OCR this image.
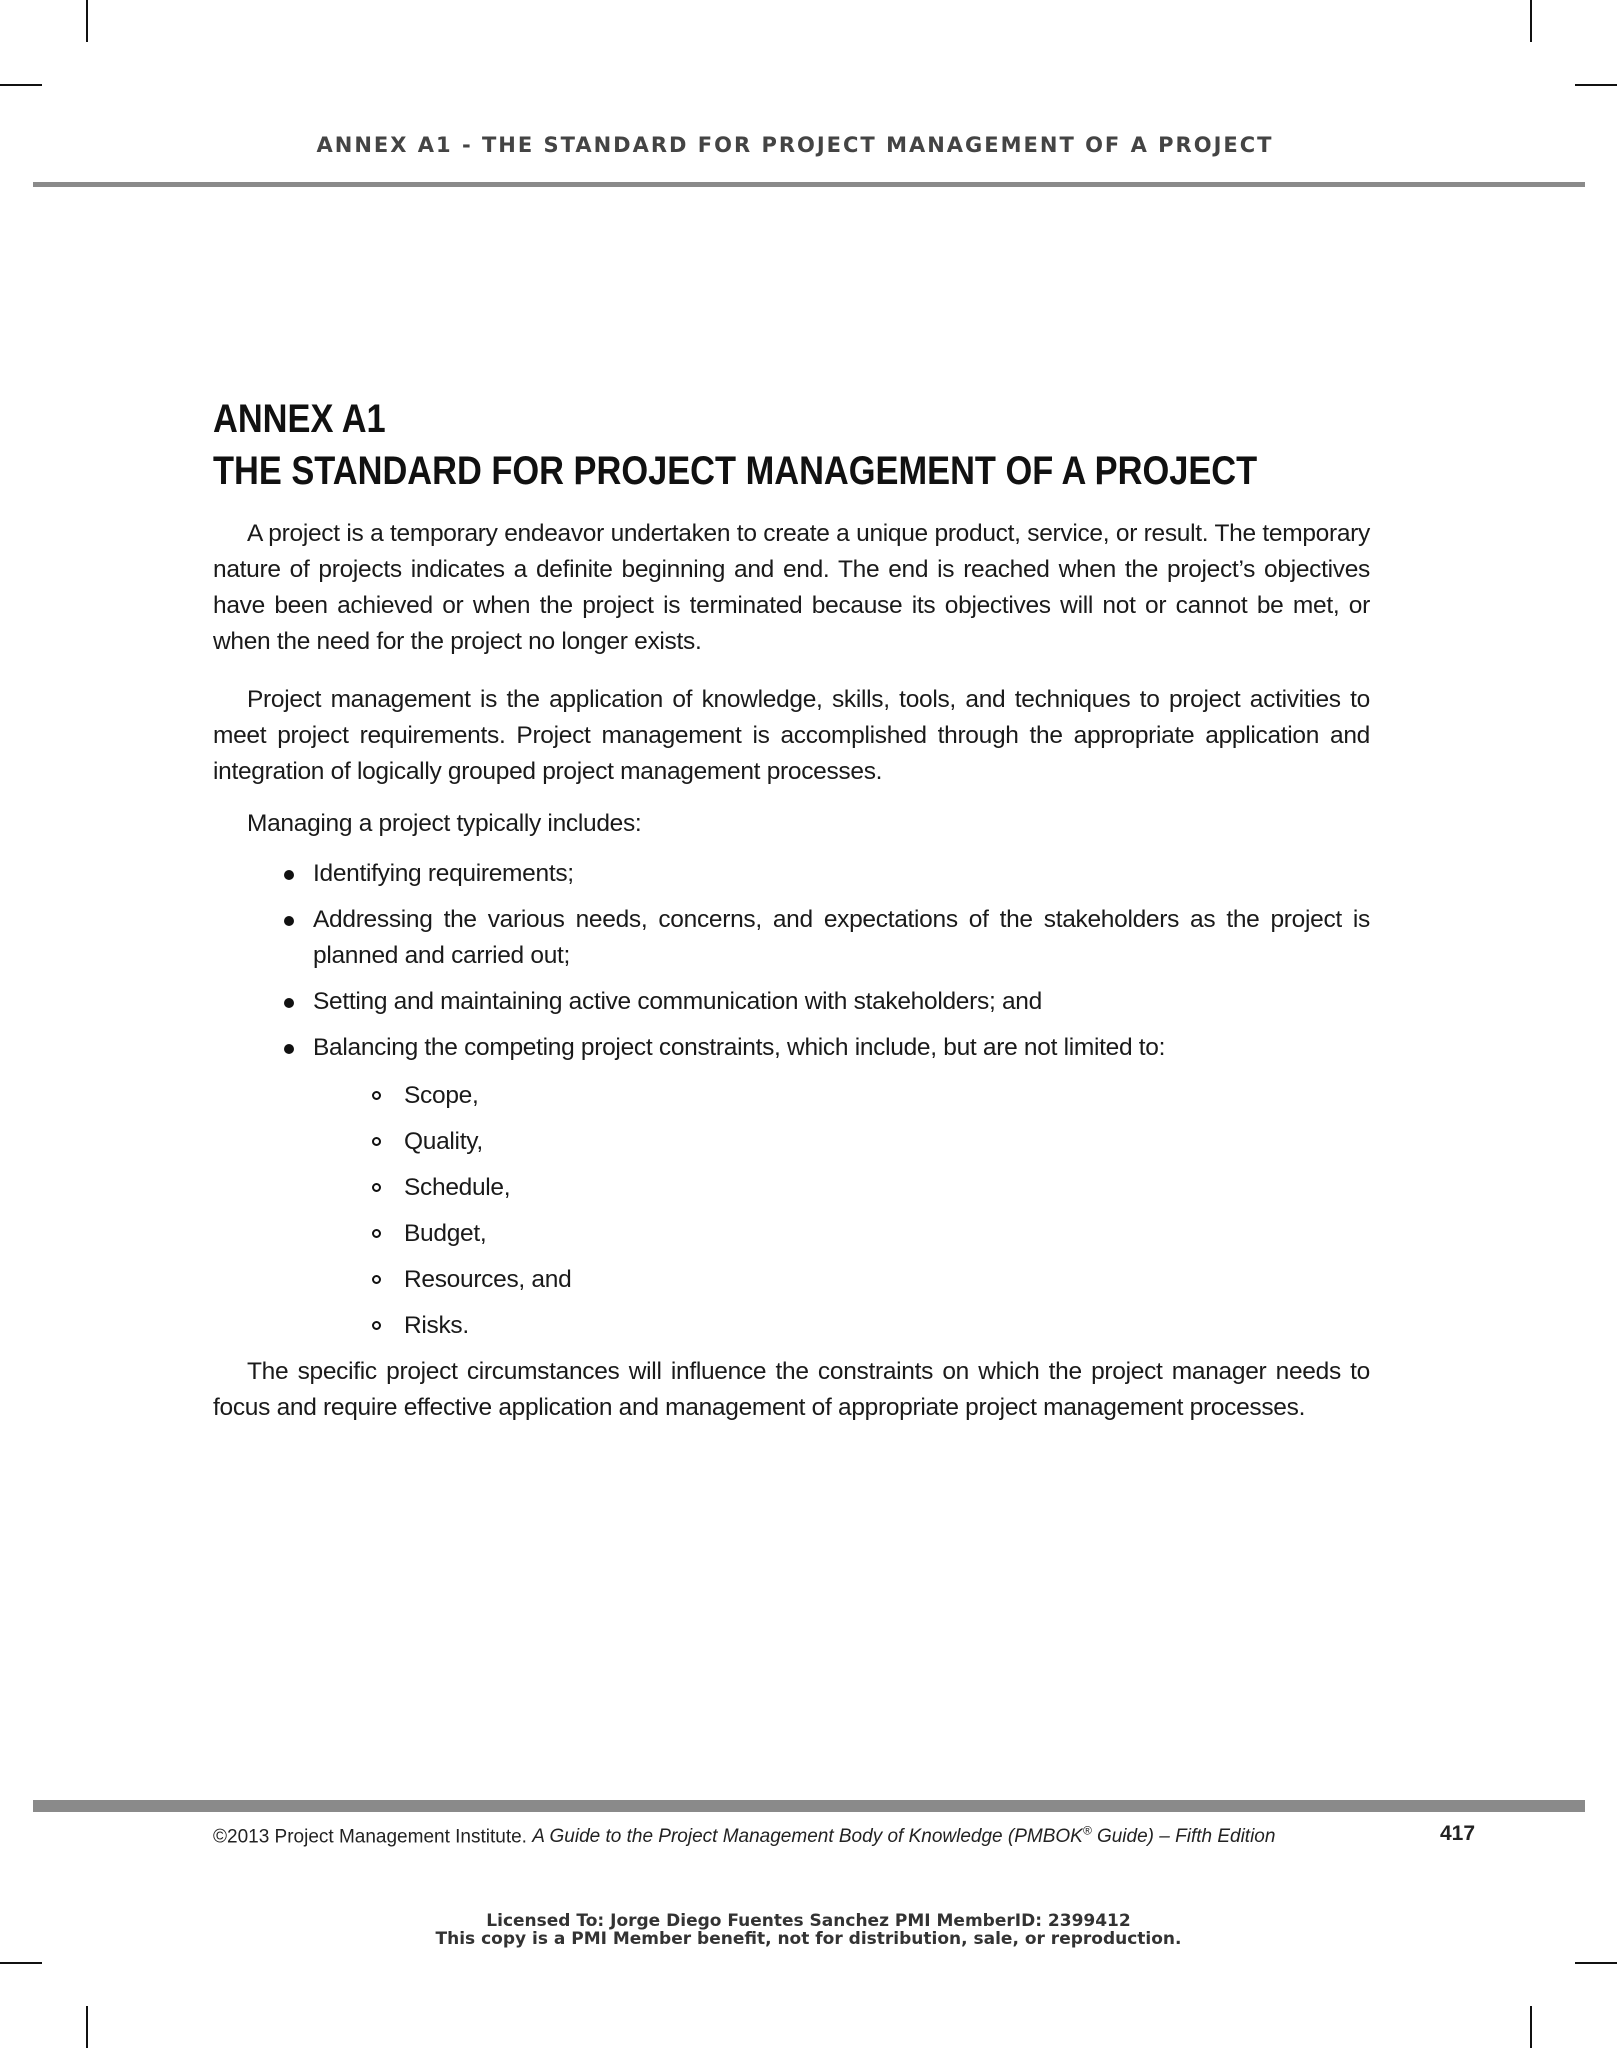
ANNEX A1 - THE STANDARD FOR PROJECT MANAGEMENT OF A PROJECT
ANNEX A1
THE STANDARD FOR PROJECT MANAGEMENT OF A PROJECT

A project is a temporary endeavor undertaken to create a unique product, service, or result. The temporary nature of projects indicates a definite beginning and end. The end is reached when the project’s objectives have been achieved or when the project is terminated because its objectives will not or cannot be met, or when the need for the project no longer exists.

Project management is the application of knowledge, skills, tools, and techniques to project activities to meet project requirements. Project management is accomplished through the appropriate application and integration of logically grouped project management processes.

Managing a project typically includes:

Identifying requirements;
Addressing the various needs, concerns, and expectations of the stakeholders as the project is planned and carried out;
Setting and maintaining active communication with stakeholders; and
Balancing the competing project constraints, which include, but are not limited to:
Scope,
Quality,
Schedule,
Budget,
Resources, and
Risks.

The specific project circumstances will influence the constraints on which the project manager needs to focus and require effective application and management of appropriate project management processes.

©2013 Project Management Institute. A Guide to the Project Management Body of Knowledge (PMBOK® Guide) – Fifth Edition	417
Licensed To: Jorge Diego Fuentes Sanchez PMI MemberID: 2399412
This copy is a PMI Member benefit, not for distribution, sale, or reproduction.
